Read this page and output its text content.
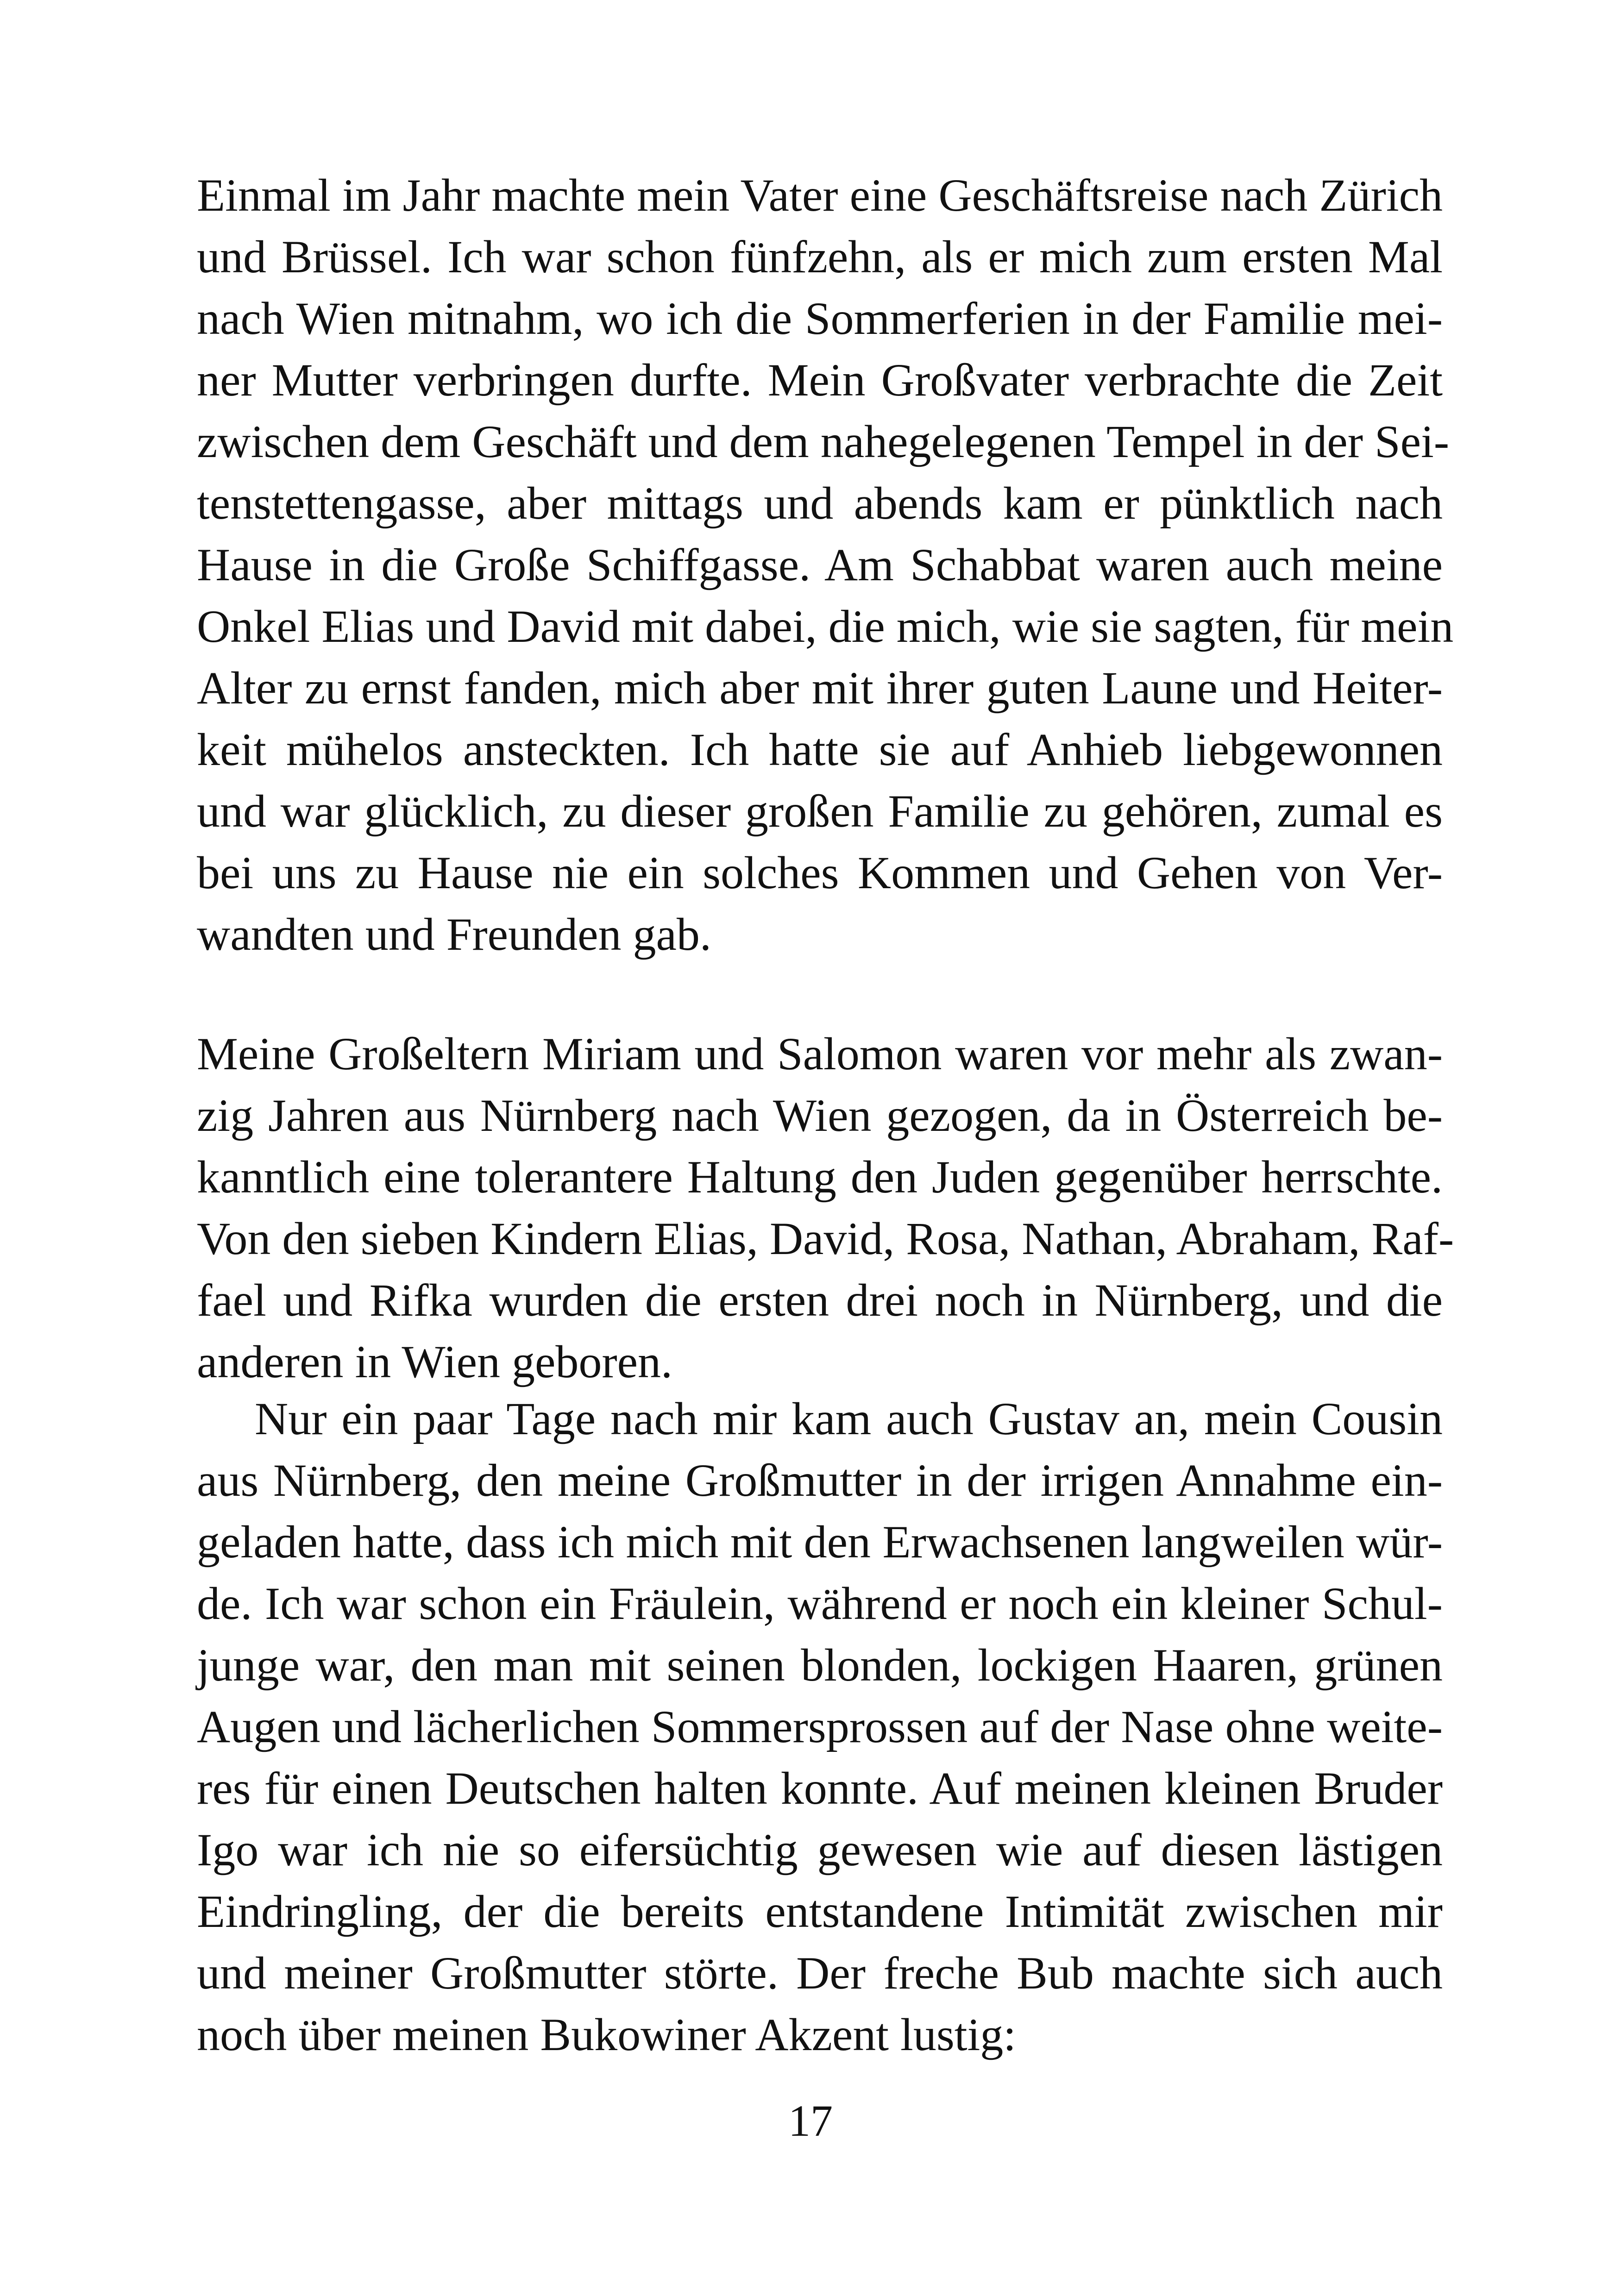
Einmal im Jahr machte mein Vater eine Geschäftsreise nach Zürich
und Brüssel. Ich war schon fünfzehn, als er mich zum ersten Mal
nach Wien mitnahm, wo ich die Sommerferien in der Familie mei-
ner Mutter verbringen durfte. Mein Großvater verbrachte die Zeit
zwischen dem Geschäft und dem nahegelegenen Tempel in der Sei-
tenstettengasse, aber mittags und abends kam er pünktlich nach
Hause in die Große Schiffgasse. Am Schabbat waren auch meine
Onkel Elias und David mit dabei, die mich, wie sie sagten, für mein
Alter zu ernst fanden, mich aber mit ihrer guten Laune und Heiter-
keit mühelos ansteckten. Ich hatte sie auf Anhieb liebgewonnen
und war glücklich, zu dieser großen Familie zu gehören, zumal es
bei uns zu Hause nie ein solches Kommen und Gehen von Ver-
wandten und Freunden gab.
Meine Großeltern Miriam und Salomon waren vor mehr als zwan-
zig Jahren aus Nürnberg nach Wien gezogen, da in Österreich be-
kanntlich eine tolerantere Haltung den Juden gegenüber herrschte.
Von den sieben Kindern Elias, David, Rosa, Nathan, Abraham, Raf-
fael und Rifka wurden die ersten drei noch in Nürnberg, und die
anderen in Wien geboren.
Nur ein paar Tage nach mir kam auch Gustav an, mein Cousin
aus Nürnberg, den meine Großmutter in der irrigen Annahme ein-
geladen hatte, dass ich mich mit den Erwachsenen langweilen wür-
de. Ich war schon ein Fräulein, während er noch ein kleiner Schul-
junge war, den man mit seinen blonden, lockigen Haaren, grünen
Augen und lächerlichen Sommersprossen auf der Nase ohne weite-
res für einen Deutschen halten konnte. Auf meinen kleinen Bruder
Igo war ich nie so eifersüchtig gewesen wie auf diesen lästigen
Eindringling, der die bereits entstandene Intimität zwischen mir
und meiner Großmutter störte. Der freche Bub machte sich auch
noch über meinen Bukowiner Akzent lustig:
17
